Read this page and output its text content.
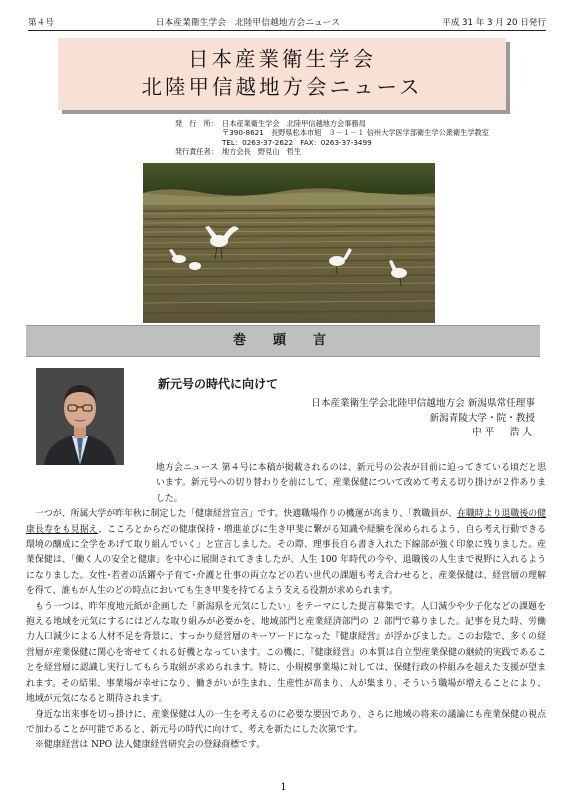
第４号	日本産業衛生学会　北陸甲信越地方会ニュース	平成 31 年 3 月 20 日発行
日本産業衛生学会
北陸甲信越地方会ニュース
発　行　所： 日本産業衛生学会　北陸甲信越地方会事務局
〒390-8621　長野県松本市旭　３－１－１ 信州大学医学部衛生学公衆衛生学教室
TEL：0263-37-2622　FAX：0263-37-3499
発行責任者： 地方会長　野見山　哲生
巻　頭　言
新元号の時代に向けて
日本産業衛生学会北陸甲信越地方会 新潟県常任理事
新潟青陵大学・院・教授
中平　浩人

地方会ニュース 第４号に本稿が掲載されるのは、新元号の公表が目前に迫ってきている頃だと思います。新元号への切り替わりを前にして、産業保健について改めて考える切り掛けが２件ありました。

一つが、所属大学が昨年秋に制定した「健康経営宣言」です。快適職場作りの機運が高まり、「教職員が、在職時より退職後の健康長寿をも見据え、こころとからだの健康保持・増進並びに生き甲斐に繋がる知識や経験を深められるよう、自ら考え行動できる環境の醸成に全学をあげて取り組んでいく」と宣言しました。その際、理事長自ら書き入れた下線部が強く印象に残りました。産業保健は、「働く人の安全と健康」を中心に展開されてきましたが、人生 100 年時代の今や、退職後の人生まで視野に入れるようになりました。女性･若者の活躍や子育て･介護と仕事の両立などの若い世代の課題も考え合わせると、産業保健は、経営層の理解を得て、誰もが人生のどの時点においても生き甲斐を持てるよう支える役割が求められます。

もう一つは、昨年度地元紙が企画した「新潟県を元気にしたい」をテーマにした提言募集です。人口減少や少子化などの課題を抱える地域を元気にするにはどんな取り組みが必要かを、地域部門と産業経済部門の ２ 部門で募りました。記事を見た時、労働力人口減少による人材不足を背景に、すっかり経営層のキーワードになった『健康経営』が浮かびました。このお陰で、多くの経営層が産業保健に関心を寄せてくれる好機となっています。この機に、『健康経営』の本質は自立型産業保健の継続的実践であることを経営層に認識し実行してもらう取組が求められます。特に、小規模事業場に対しては、保健行政の枠組みを超えた支援が望まれます。その結果、事業場が幸せになり、働きがいが生まれ、生産性が高まり、人が集まり、そういう職場が増えることにより、地域が元気になると期待されます。

身近な出来事を切っ掛けに、産業保健は人の一生を考えるのに必要な要因であり、さらに地域の将来の議論にも産業保健の視点で加わることが可能であると、新元号の時代に向けて、考えを新たにした次第です。

※健康経営は NPO 法人健康経営研究会の登録商標です。

1
